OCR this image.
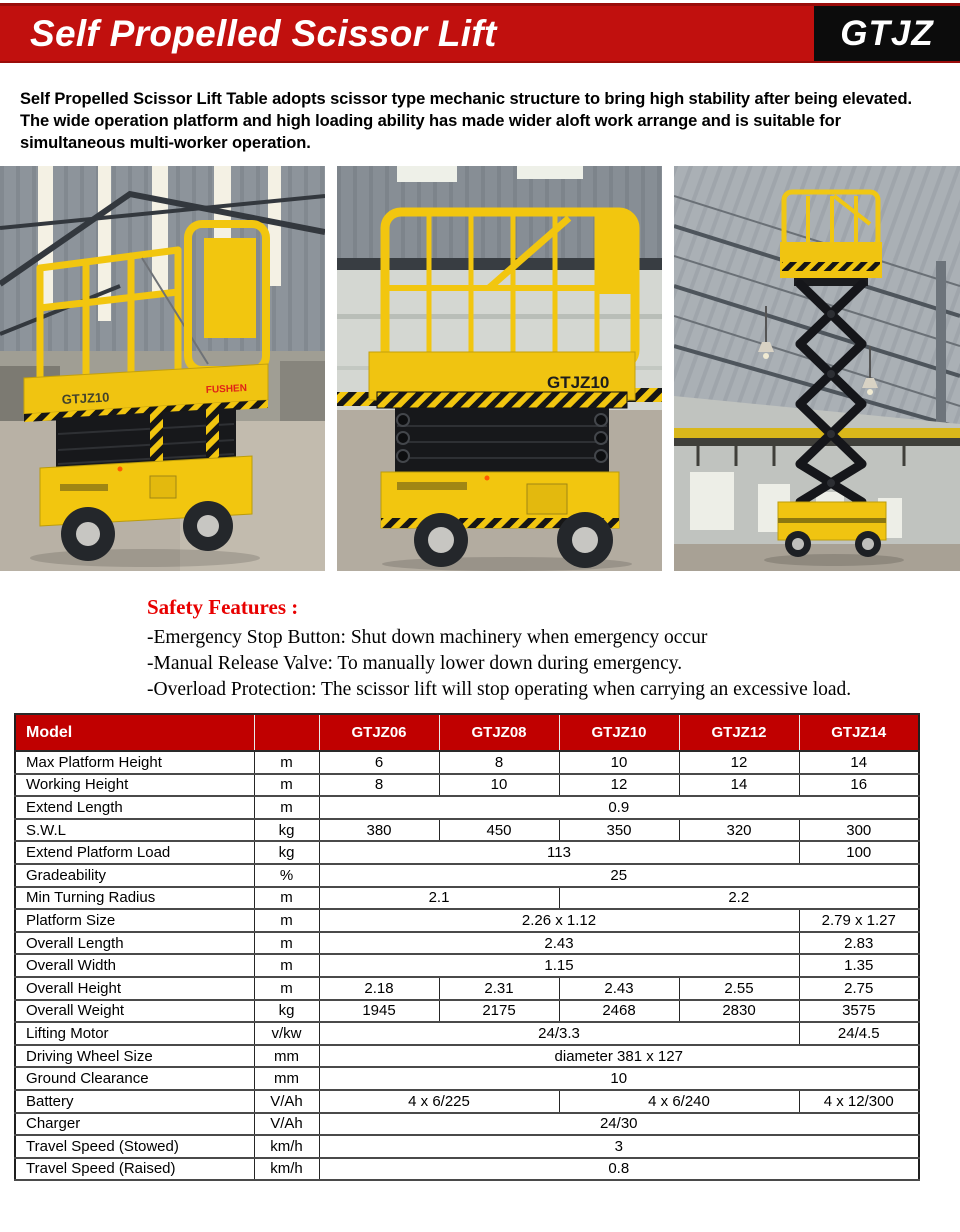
Self Propelled Scissor Lift	GTJZ

Self Propelled Scissor Lift Table adopts scissor type mechanic structure to bring high stability after being elevated. The wide operation platform and high loading ability has made wider aloft work arrange and is suitable for simultaneous multi-worker operation.

GTJZ10
FUSHEN	GTJZ10
Safety Features :
-Emergency Stop Button: Shut down machinery when emergency occur
-Manual Release Valve: To manually lower down during emergency.
-Overload Protection: The scissor lift will stop operating when carrying an excessive load.
Model		GTJZ06	GTJZ08	GTJZ10	GTJZ12	GTJZ14
Max Platform Height	m	6	8	10	12	14
Working Height	m	8	10	12	14	16
Extend Length	m	0.9				
S.W.L	kg	380	450	350	320	300
Extend Platform Load	kg	113				100
Gradeability	%	25				
Min Turning Radius	m	2.1		2.2		
Platform Size	m	2.26 x 1.12				2.79 x 1.27
Overall Length	m	2.43				2.83
Overall Width	m	1.15				1.35
Overall Height	m	2.18	2.31	2.43	2.55	2.75
Overall Weight	kg	1945	2175	2468	2830	3575
Lifting Motor	v/kw	24/3.3				24/4.5
Driving Wheel Size	mm	diameter 381 x 127				
Ground Clearance	mm	10				
Battery	V/Ah	4 x 6/225		4 x 6/240		4 x 12/300
Charger	V/Ah	24/30				
Travel Speed (Stowed)	km/h	3				
Travel Speed (Raised)	km/h	0.8				
